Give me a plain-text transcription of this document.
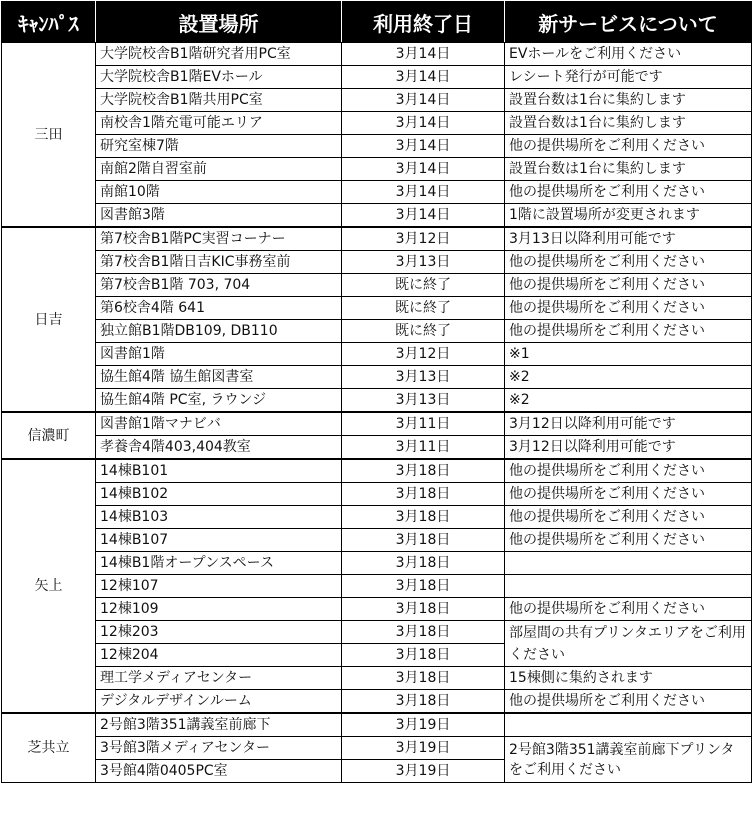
ｷｬﾝﾊﾟｽ	設置場所	利用終了日	新サービスについて
三田	大学院校舎B1階研究者用PC室	3月14日	EVホールをご利用ください
	大学院校舎B1階EVホール	3月14日	レシート発行が可能です
	大学院校舎B1階共用PC室	3月14日	設置台数は1台に集約します
	南校舎1階充電可能エリア	3月14日	設置台数は1台に集約します
	研究室棟7階	3月14日	他の提供場所をご利用ください
	南館2階自習室前	3月14日	設置台数は1台に集約します
	南館10階	3月14日	他の提供場所をご利用ください
	図書館3階	3月14日	1階に設置場所が変更されます
日吉	第7校舎B1階PC実習コーナー	3月12日	3月13日以降利用可能です
	第7校舎B1階日吉KIC事務室前	3月13日	他の提供場所をご利用ください
	第7校舎B1階 703, 704	既に終了	他の提供場所をご利用ください
	第6校舎4階 641	既に終了	他の提供場所をご利用ください
	独立館B1階DB109, DB110	既に終了	他の提供場所をご利用ください
	図書館1階	3月12日	※1
	協生館4階 協生館図書室	3月13日	※2
	協生館4階 PC室, ラウンジ	3月13日	※2
信濃町	図書館1階マナビバ	3月11日	3月12日以降利用可能です
	孝養舎4階403,404教室	3月11日	3月12日以降利用可能です
矢上	14棟B101	3月18日	他の提供場所をご利用ください
	14棟B102	3月18日	他の提供場所をご利用ください
	14棟B103	3月18日	他の提供場所をご利用ください
	14棟B107	3月18日	他の提供場所をご利用ください
	14棟B1階オープンスペース	3月18日	
	12棟107	3月18日	
	12棟109	3月18日	他の提供場所をご利用ください
	12棟203	3月18日	部屋間の共有プリンタエリアをご利用ください
	12棟204	3月18日	
	理工学メディアセンター	3月18日	15棟側に集約されます
	デジタルデザインルーム	3月18日	他の提供場所をご利用ください
芝共立	2号館3階351講義室前廊下	3月19日	
	3号館3階メディアセンター	3月19日	2号館3階351講義室前廊下プリンタをご利用ください
	3号館4階0405PC室	3月19日	
